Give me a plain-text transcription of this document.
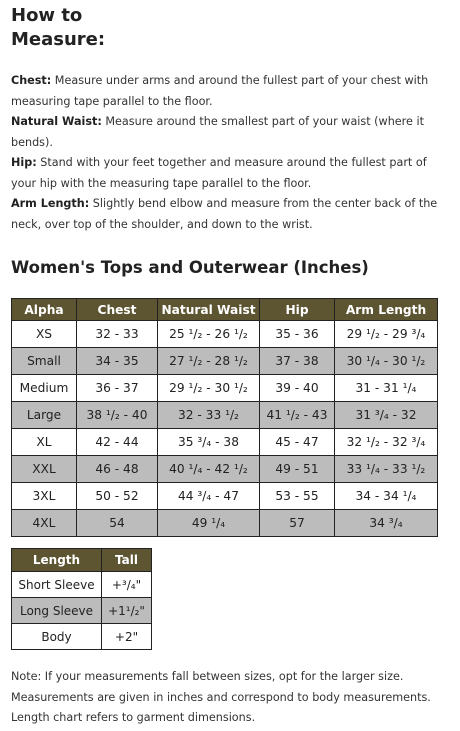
How to
Measure:

Chest: Measure under arms and around the fullest part of your chest with measuring tape parallel to the floor.

Natural Waist: Measure around the smallest part of your waist (where it bends).

Hip: Stand with your feet together and measure around the fullest part of your hip with the measuring tape parallel to the floor.

Arm Length: Slightly bend elbow and measure from the center back of the neck, over top of the shoulder, and down to the wrist.

Women's Tops and Outerwear (Inches)
Alpha	Chest	Natural Waist	Hip	Arm Length
XS	32 - 33	25 ¹/₂ - 26 ¹/₂	35 - 36	29 ¹/₂ - 29 ³/₄
Small	34 - 35	27 ¹/₂ - 28 ¹/₂	37 - 38	30 ¹/₄ - 30 ¹/₂
Medium	36 - 37	29 ¹/₂ - 30 ¹/₂	39 - 40	31 - 31 ¹/₄
Large	38 ¹/₂ - 40	32 - 33 ¹/₂	41 ¹/₂ - 43	31 ³/₄ - 32
XL	42 - 44	35 ³/₄ - 38	45 - 47	32 ¹/₂ - 32 ³/₄
XXL	46 - 48	40 ¹/₄ - 42 ¹/₂	49 - 51	33 ¹/₄ - 33 ¹/₂
3XL	50 - 52	44 ³/₄ - 47	53 - 55	34 - 34 ¹/₄
4XL	54	49 ¹/₄	57	34 ³/₄
Length	Tall
Short Sleeve	+³/₄"
Long Sleeve	+1¹/₂"
Body	+2"

Note: If your measurements fall between sizes, opt for the larger size.

Measurements are given in inches and correspond to body measurements.

Length chart refers to garment dimensions.
